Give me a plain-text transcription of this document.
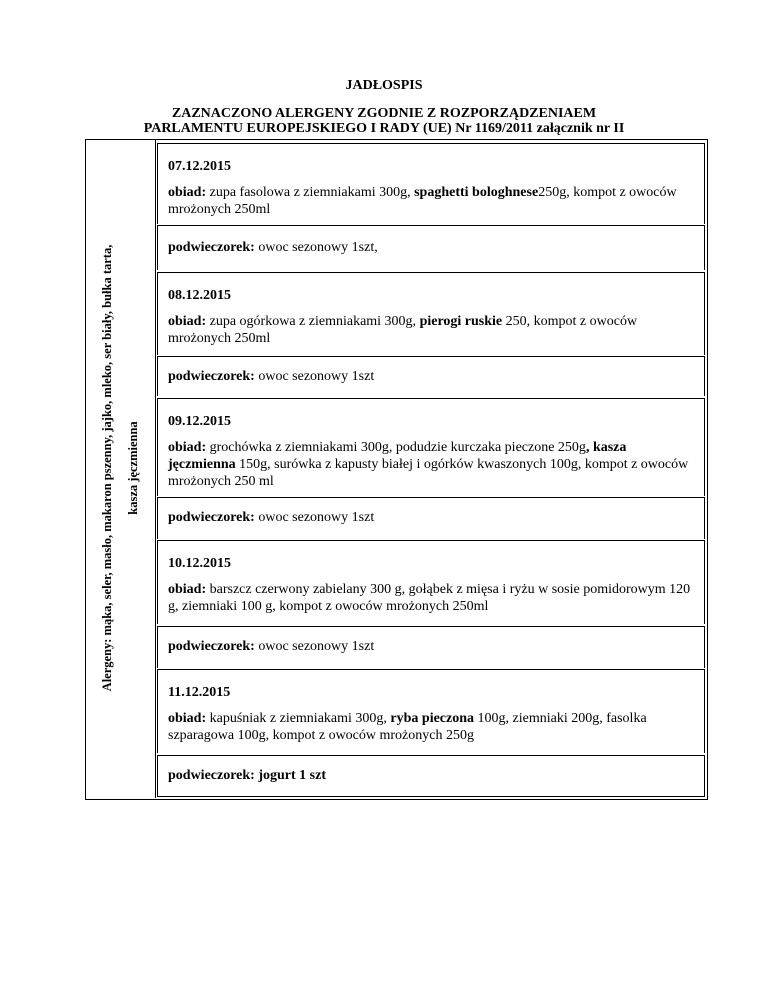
JADŁOSPIS
ZAZNACZONO ALERGENY ZGODNIE Z ROZPORZĄDZENIAEM
PARLAMENTU EUROPEJSKIEGO I RADY (UE) Nr 1169/2011 załącznik nr II
Alergeny: mąka, seler, masło, makaron pszenny, jajko, mleko, ser biały, bułka tarta, kasza jęczmienna
07.12.2015
obiad: zupa fasolowa z ziemniakami 300g, spaghetti bologhnese250g, kompot z owoców mrożonych 250ml
podwieczorek: owoc sezonowy 1szt,
08.12.2015
obiad: zupa ogórkowa z ziemniakami 300g, pierogi ruskie 250, kompot z owoców mrożonych 250ml
podwieczorek: owoc sezonowy 1szt
09.12.2015
obiad: grochówka z ziemniakami 300g, podudzie kurczaka pieczone 250g, kasza jęczmienna 150g, surówka z kapusty białej i ogórków kwaszonych 100g, kompot z owoców mrożonych 250 ml
podwieczorek: owoc sezonowy 1szt
10.12.2015
obiad: barszcz czerwony zabielany 300 g, gołąbek z mięsa i ryżu w sosie pomidorowym 120 g, ziemniaki 100 g, kompot z owoców mrożonych 250ml
podwieczorek: owoc sezonowy 1szt
11.12.2015
obiad: kapuśniak z ziemniakami 300g, ryba pieczona 100g, ziemniaki 200g, fasolka szparagowa 100g, kompot z owoców mrożonych 250g
podwieczorek: jogurt 1 szt
